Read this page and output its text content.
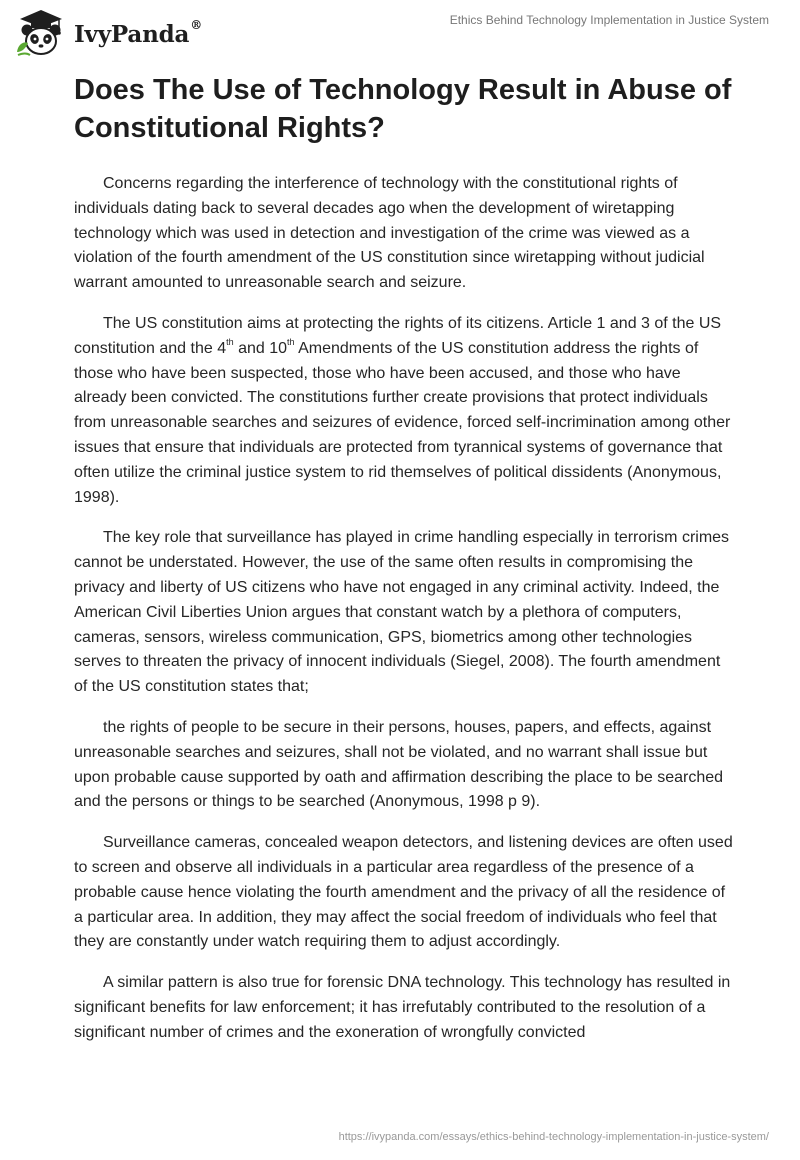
IvyPanda®	Ethics Behind Technology Implementation in Justice System
Does The Use of Technology Result in Abuse of Constitutional Rights?

Concerns regarding the interference of technology with the constitutional rights of individuals dating back to several decades ago when the development of wiretapping technology which was used in detection and investigation of the crime was viewed as a violation of the fourth amendment of the US constitution since wiretapping without judicial warrant amounted to unreasonable search and seizure.

The US constitution aims at protecting the rights of its citizens. Article 1 and 3 of the US constitution and the 4th and 10th Amendments of the US constitution address the rights of those who have been suspected, those who have been accused, and those who have already been convicted. The constitutions further create provisions that protect individuals from unreasonable searches and seizures of evidence, forced self-incrimination among other issues that ensure that individuals are protected from tyrannical systems of governance that often utilize the criminal justice system to rid themselves of political dissidents (Anonymous, 1998).

The key role that surveillance has played in crime handling especially in terrorism crimes cannot be understated. However, the use of the same often results in compromising the privacy and liberty of US citizens who have not engaged in any criminal activity. Indeed, the American Civil Liberties Union argues that constant watch by a plethora of computers, cameras, sensors, wireless communication, GPS, biometrics among other technologies serves to threaten the privacy of innocent individuals (Siegel, 2008). The fourth amendment of the US constitution states that;

the rights of people to be secure in their persons, houses, papers, and effects, against unreasonable searches and seizures, shall not be violated, and no warrant shall issue but upon probable cause supported by oath and affirmation describing the place to be searched and the persons or things to be searched (Anonymous, 1998 p 9).

Surveillance cameras, concealed weapon detectors, and listening devices are often used to screen and observe all individuals in a particular area regardless of the presence of a probable cause hence violating the fourth amendment and the privacy of all the residence of a particular area. In addition, they may affect the social freedom of individuals who feel that they are constantly under watch requiring them to adjust accordingly.

A similar pattern is also true for forensic DNA technology. This technology has resulted in significant benefits for law enforcement; it has irrefutably contributed to the resolution of a significant number of crimes and the exoneration of wrongfully convicted

https://ivypanda.com/essays/ethics-behind-technology-implementation-in-justice-system/
